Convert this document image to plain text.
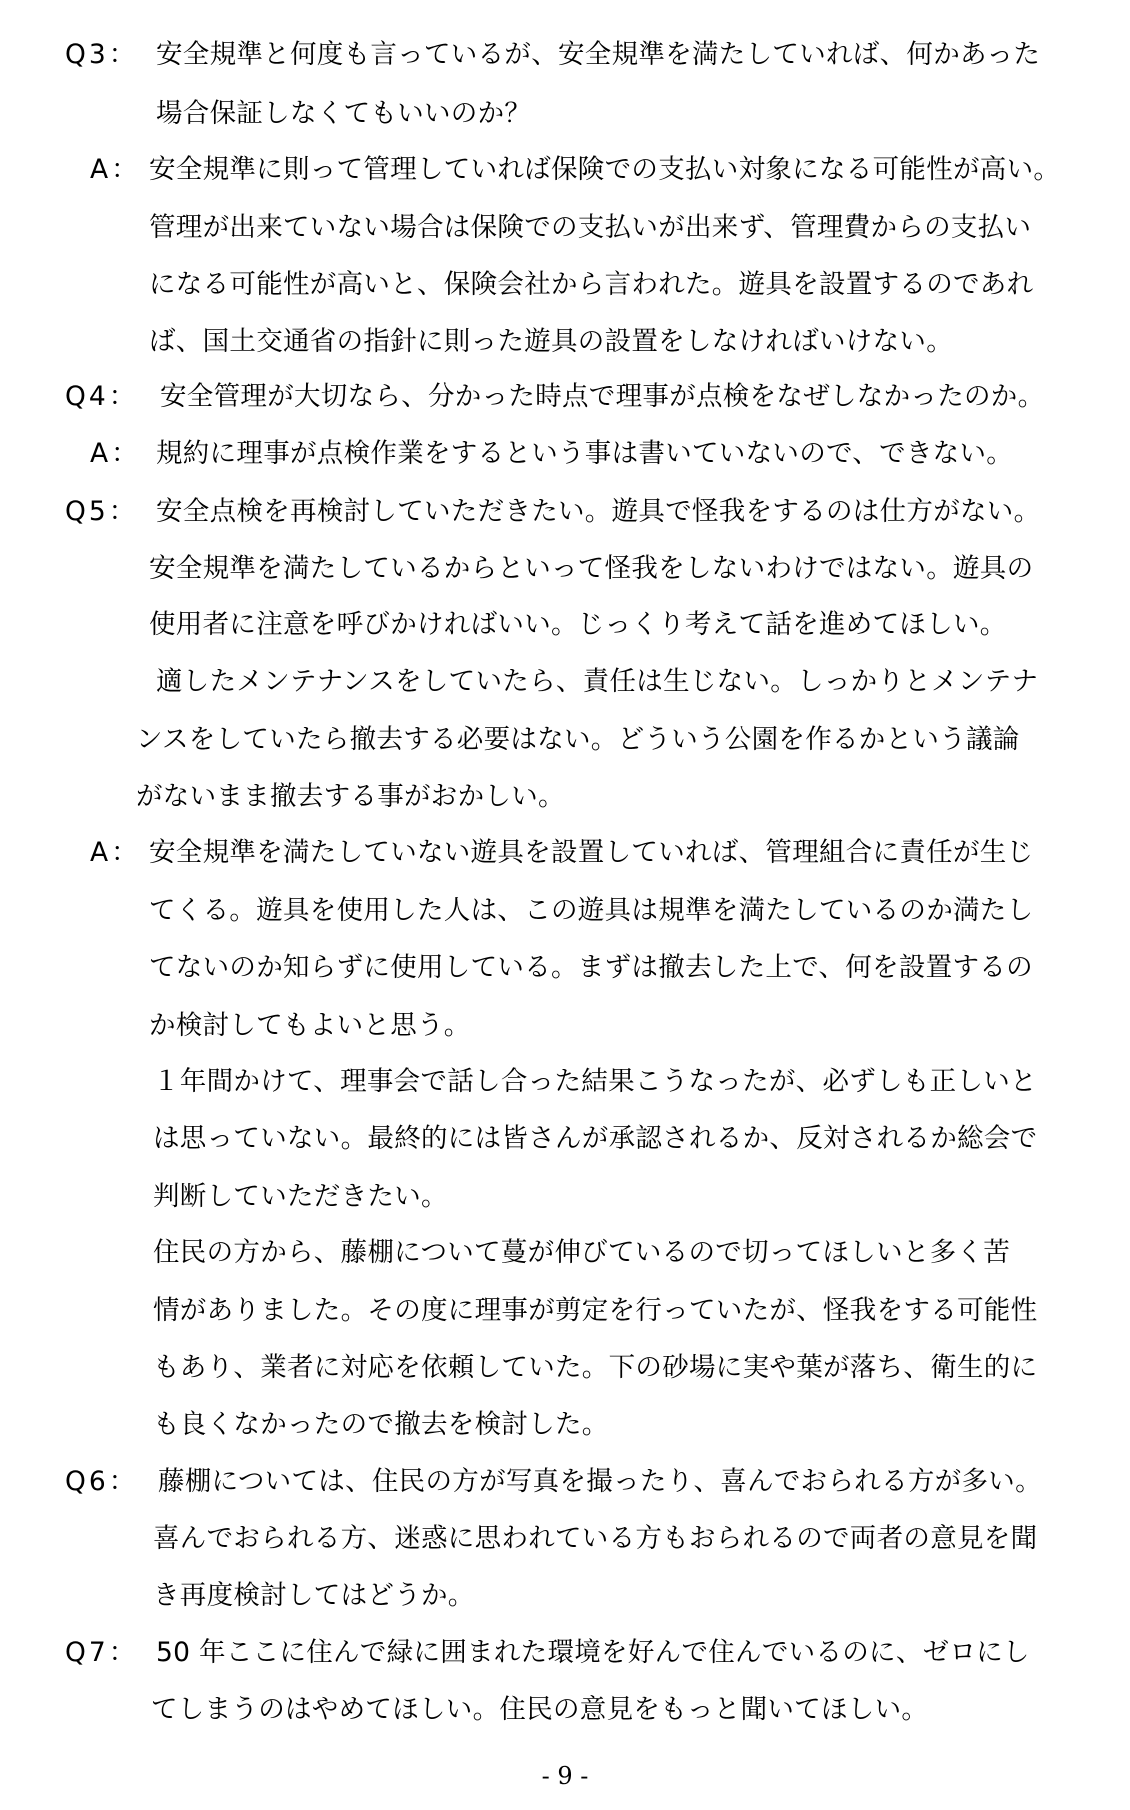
Q3： 安全規準と何度も言っているが、安全規準を満たしていれば、何かあった
場合保証しなくてもいいのか？
A： 安全規準に則って管理していれば保険での支払い対象になる可能性が高い。
管理が出来ていない場合は保険での支払いが出来ず、管理費からの支払い
になる可能性が高いと、保険会社から言われた。遊具を設置するのであれ
ば、国土交通省の指針に則った遊具の設置をしなければいけない。
Q4： 安全管理が大切なら、分かった時点で理事が点検をなぜしなかったのか。
A： 規約に理事が点検作業をするという事は書いていないので、できない。
Q5： 安全点検を再検討していただきたい。遊具で怪我をするのは仕方がない。
安全規準を満たしているからといって怪我をしないわけではない。遊具の
使用者に注意を呼びかければいい。じっくり考えて話を進めてほしい。
適したメンテナンスをしていたら、責任は生じない。しっかりとメンテナ
ンスをしていたら撤去する必要はない。どういう公園を作るかという議論
がないまま撤去する事がおかしい。
A： 安全規準を満たしていない遊具を設置していれば、管理組合に責任が生じ
てくる。遊具を使用した人は、この遊具は規準を満たしているのか満たし
てないのか知らずに使用している。まずは撤去した上で、何を設置するの
か検討してもよいと思う。
１年間かけて、理事会で話し合った結果こうなったが、必ずしも正しいと
は思っていない。最終的には皆さんが承認されるか、反対されるか総会で
判断していただきたい。
住民の方から、藤棚について蔓が伸びているので切ってほしいと多く苦
情がありました。その度に理事が剪定を行っていたが、怪我をする可能性
もあり、業者に対応を依頼していた。下の砂場に実や葉が落ち、衛生的に
も良くなかったので撤去を検討した。
Q6： 藤棚については、住民の方が写真を撮ったり、喜んでおられる方が多い。
喜んでおられる方、迷惑に思われている方もおられるので両者の意見を聞
き再度検討してはどうか。
Q7： 50 年ここに住んで緑に囲まれた環境を好んで住んでいるのに、ゼロにし
てしまうのはやめてほしい。住民の意見をもっと聞いてほしい。
- 9 -
